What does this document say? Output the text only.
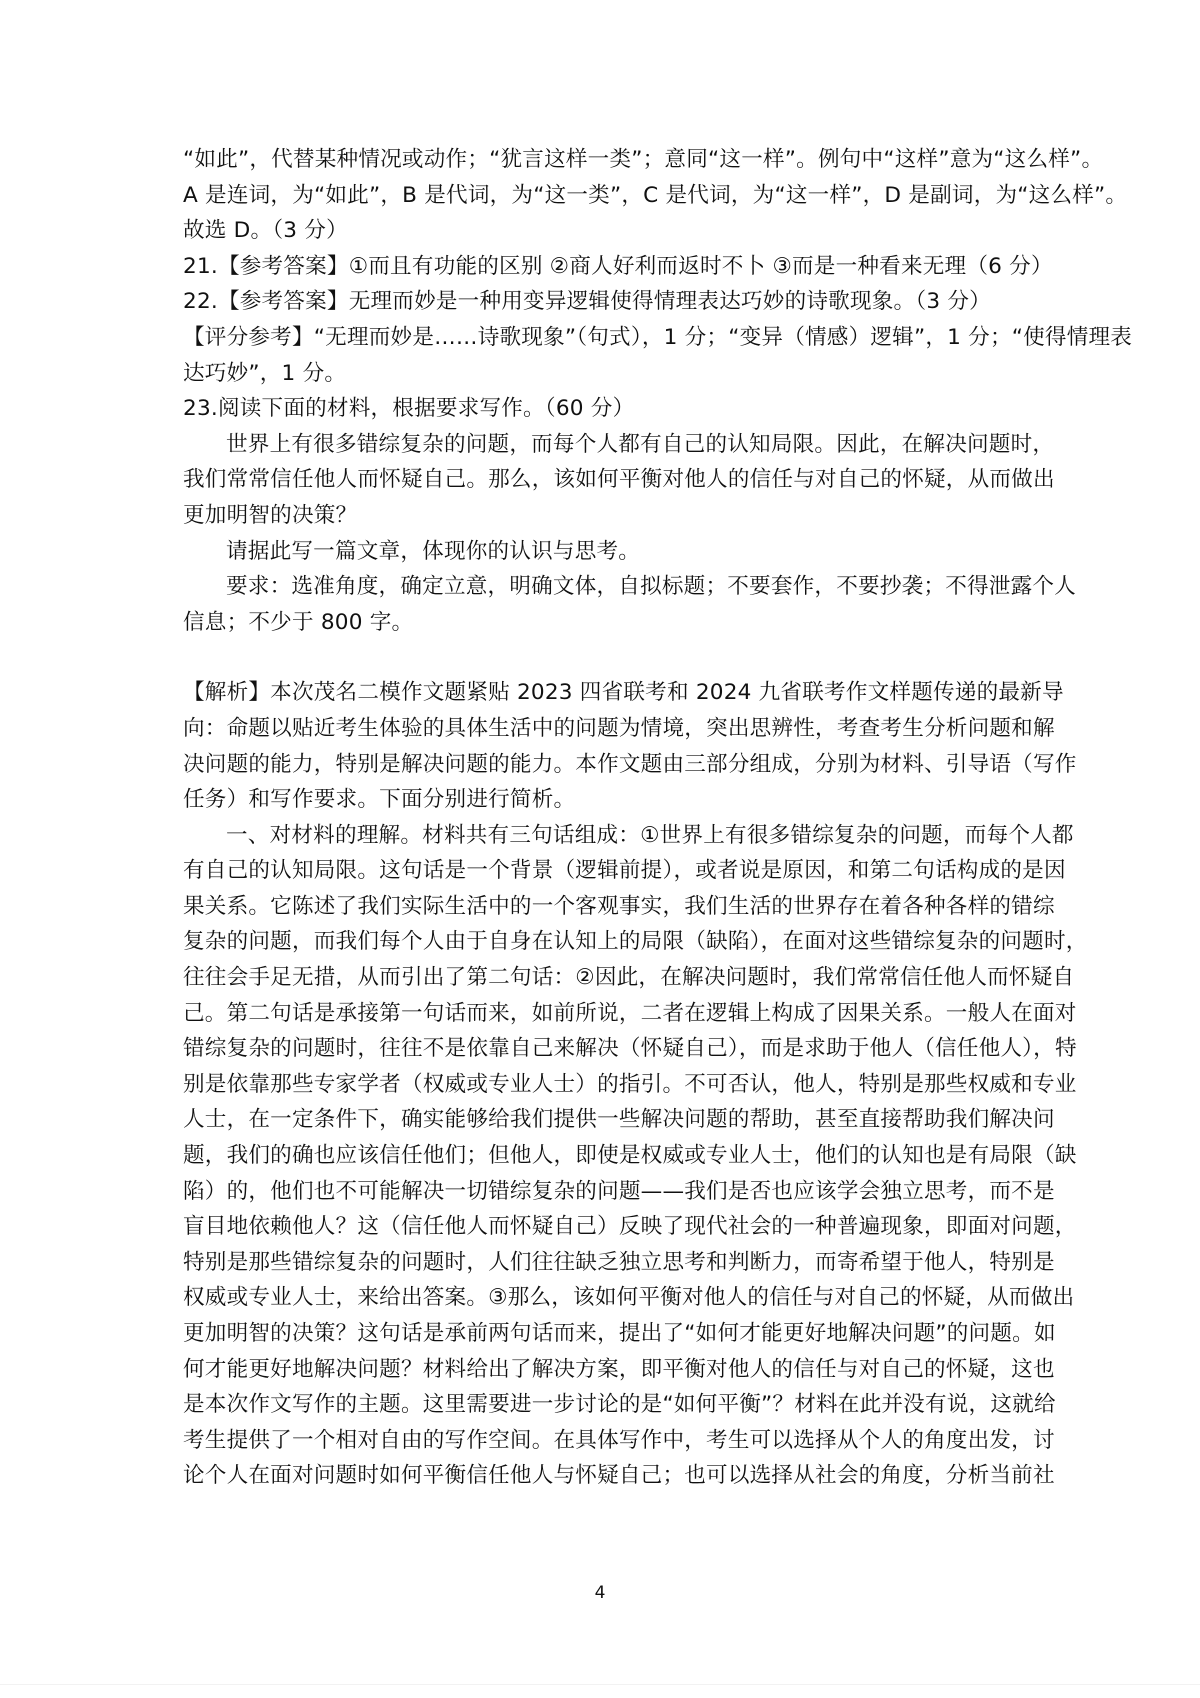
“如此”，代替某种情况或动作；“犹言这样一类”；意同“这一样”。例句中“这样”意为“这么样”。
A 是连词，为“如此”，B 是代词，为“这一类”，C 是代词，为“这一样”，D 是副词，为“这么样”。
故选 D。（3 分）
21.【参考答案】①而且有功能的区别 ②商人好利而返时不卜 ③而是一种看来无理（6 分）
22.【参考答案】无理而妙是一种用变异逻辑使得情理表达巧妙的诗歌现象。（3 分）
【评分参考】“无理而妙是……诗歌现象”（句式），1 分；“变异（情感）逻辑”，1 分；“使得情理表
达巧妙”，1 分。
23.阅读下面的材料，根据要求写作。（60 分）
世界上有很多错综复杂的问题，而每个人都有自己的认知局限。因此，在解决问题时，
我们常常信任他人而怀疑自己。那么，该如何平衡对他人的信任与对自己的怀疑，从而做出
更加明智的决策？
请据此写一篇文章，体现你的认识与思考。
要求：选准角度，确定立意，明确文体，自拟标题；不要套作，不要抄袭；不得泄露个人
信息；不少于 800 字。
【解析】本次茂名二模作文题紧贴 2023 四省联考和 2024 九省联考作文样题传递的最新导
向：命题以贴近考生体验的具体生活中的问题为情境，突出思辨性，考查考生分析问题和解
决问题的能力，特别是解决问题的能力。本作文题由三部分组成，分别为材料、引导语（写作
任务）和写作要求。下面分别进行简析。
一、对材料的理解。材料共有三句话组成：①世界上有很多错综复杂的问题，而每个人都
有自己的认知局限。这句话是一个背景（逻辑前提），或者说是原因，和第二句话构成的是因
果关系。它陈述了我们实际生活中的一个客观事实，我们生活的世界存在着各种各样的错综
复杂的问题，而我们每个人由于自身在认知上的局限（缺陷），在面对这些错综复杂的问题时，
往往会手足无措，从而引出了第二句话：②因此，在解决问题时，我们常常信任他人而怀疑自
己。第二句话是承接第一句话而来，如前所说，二者在逻辑上构成了因果关系。一般人在面对
错综复杂的问题时，往往不是依靠自己来解决（怀疑自己），而是求助于他人（信任他人），特
别是依靠那些专家学者（权威或专业人士）的指引。不可否认，他人，特别是那些权威和专业
人士，在一定条件下，确实能够给我们提供一些解决问题的帮助，甚至直接帮助我们解决问
题，我们的确也应该信任他们；但他人，即使是权威或专业人士，他们的认知也是有局限（缺
陷）的，他们也不可能解决一切错综复杂的问题——我们是否也应该学会独立思考，而不是
盲目地依赖他人？这（信任他人而怀疑自己）反映了现代社会的一种普遍现象，即面对问题，
特别是那些错综复杂的问题时，人们往往缺乏独立思考和判断力，而寄希望于他人，特别是
权威或专业人士，来给出答案。③那么，该如何平衡对他人的信任与对自己的怀疑，从而做出
更加明智的决策？这句话是承前两句话而来，提出了“如何才能更好地解决问题”的问题。如
何才能更好地解决问题？材料给出了解决方案，即平衡对他人的信任与对自己的怀疑，这也
是本次作文写作的主题。这里需要进一步讨论的是“如何平衡”？材料在此并没有说，这就给
考生提供了一个相对自由的写作空间。在具体写作中，考生可以选择从个人的角度出发，讨
论个人在面对问题时如何平衡信任他人与怀疑自己；也可以选择从社会的角度，分析当前社
4
